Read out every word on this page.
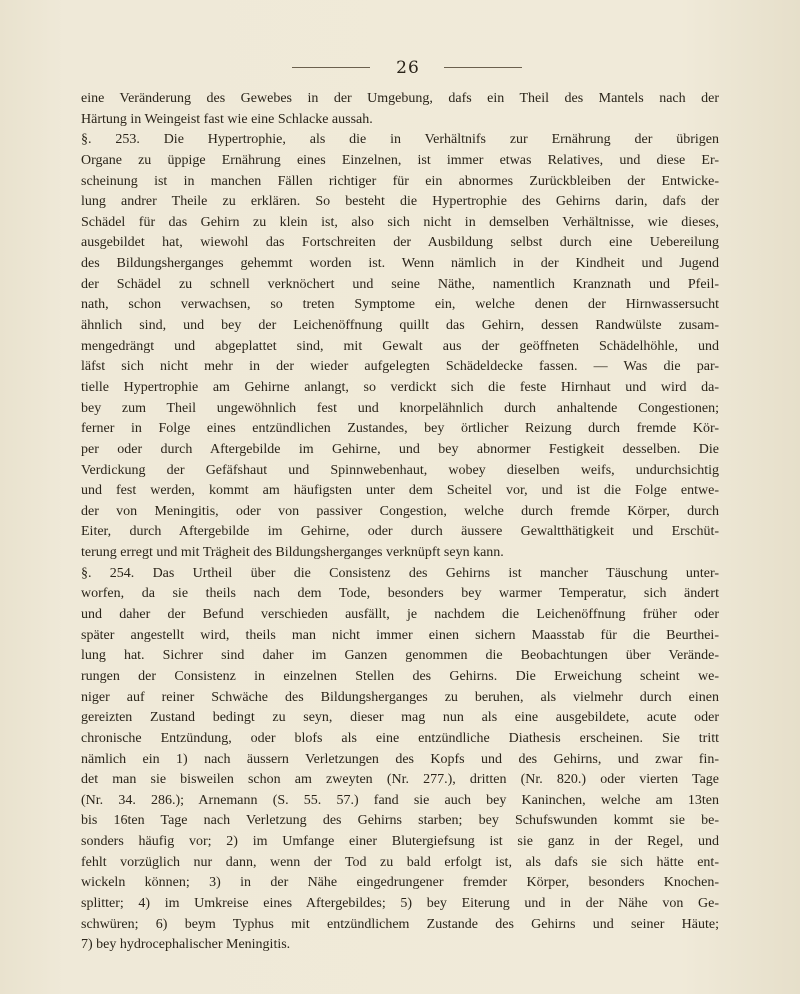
26
eine Veränderung des Gewebes in der Umgebung, dafs ein Theil des Mantels nach der
Härtung in Weingeist fast wie eine Schlacke aussah.
§. 253. Die Hypertrophie, als die in Verhältnifs zur Ernährung der übrigen
Organe zu üppige Ernährung eines Einzelnen, ist immer etwas Relatives, und diese Er-
scheinung ist in manchen Fällen richtiger für ein abnormes Zurückbleiben der Entwicke-
lung andrer Theile zu erklären. So besteht die Hypertrophie des Gehirns darin, dafs der
Schädel für das Gehirn zu klein ist, also sich nicht in demselben Verhältnisse, wie dieses,
ausgebildet hat, wiewohl das Fortschreiten der Ausbildung selbst durch eine Uebereilung
des Bildungsherganges gehemmt worden ist. Wenn nämlich in der Kindheit und Jugend
der Schädel zu schnell verknöchert und seine Näthe, namentlich Kranznath und Pfeil-
nath, schon verwachsen, so treten Symptome ein, welche denen der Hirnwassersucht
ähnlich sind, und bey der Leichenöffnung quillt das Gehirn, dessen Randwülste zusam-
mengedrängt und abgeplattet sind, mit Gewalt aus der geöffneten Schädelhöhle, und
läfst sich nicht mehr in der wieder aufgelegten Schädeldecke fassen. — Was die par-
tielle Hypertrophie am Gehirne anlangt, so verdickt sich die feste Hirnhaut und wird da-
bey zum Theil ungewöhnlich fest und knorpelähnlich durch anhaltende Congestionen;
ferner in Folge eines entzündlichen Zustandes, bey örtlicher Reizung durch fremde Kör-
per oder durch Aftergebilde im Gehirne, und bey abnormer Festigkeit desselben. Die
Verdickung der Gefäfshaut und Spinnwebenhaut, wobey dieselben weifs, undurchsichtig
und fest werden, kommt am häufigsten unter dem Scheitel vor, und ist die Folge entwe-
der von Meningitis, oder von passiver Congestion, welche durch fremde Körper, durch
Eiter, durch Aftergebilde im Gehirne, oder durch äussere Gewaltthätigkeit und Erschüt-
terung erregt und mit Trägheit des Bildungsherganges verknüpft seyn kann.
§. 254. Das Urtheil über die Consistenz des Gehirns ist mancher Täuschung unter-
worfen, da sie theils nach dem Tode, besonders bey warmer Temperatur, sich ändert
und daher der Befund verschieden ausfällt, je nachdem die Leichenöffnung früher oder
später angestellt wird, theils man nicht immer einen sichern Maasstab für die Beurthei-
lung hat. Sichrer sind daher im Ganzen genommen die Beobachtungen über Verände-
rungen der Consistenz in einzelnen Stellen des Gehirns. Die Erweichung scheint we-
niger auf reiner Schwäche des Bildungsherganges zu beruhen, als vielmehr durch einen
gereizten Zustand bedingt zu seyn, dieser mag nun als eine ausgebildete, acute oder
chronische Entzündung, oder blofs als eine entzündliche Diathesis erscheinen. Sie tritt
nämlich ein 1) nach äussern Verletzungen des Kopfs und des Gehirns, und zwar fin-
det man sie bisweilen schon am zweyten (Nr. 277.), dritten (Nr. 820.) oder vierten Tage
(Nr. 34. 286.); Arnemann (S. 55. 57.) fand sie auch bey Kaninchen, welche am 13ten
bis 16ten Tage nach Verletzung des Gehirns starben; bey Schufswunden kommt sie be-
sonders häufig vor; 2) im Umfange einer Blutergiefsung ist sie ganz in der Regel, und
fehlt vorzüglich nur dann, wenn der Tod zu bald erfolgt ist, als dafs sie sich hätte ent-
wickeln können; 3) in der Nähe eingedrungener fremder Körper, besonders Knochen-
splitter; 4) im Umkreise eines Aftergebildes; 5) bey Eiterung und in der Nähe von Ge-
schwüren; 6) beym Typhus mit entzündlichem Zustande des Gehirns und seiner Häute;
7) bey hydrocephalischer Meningitis.
